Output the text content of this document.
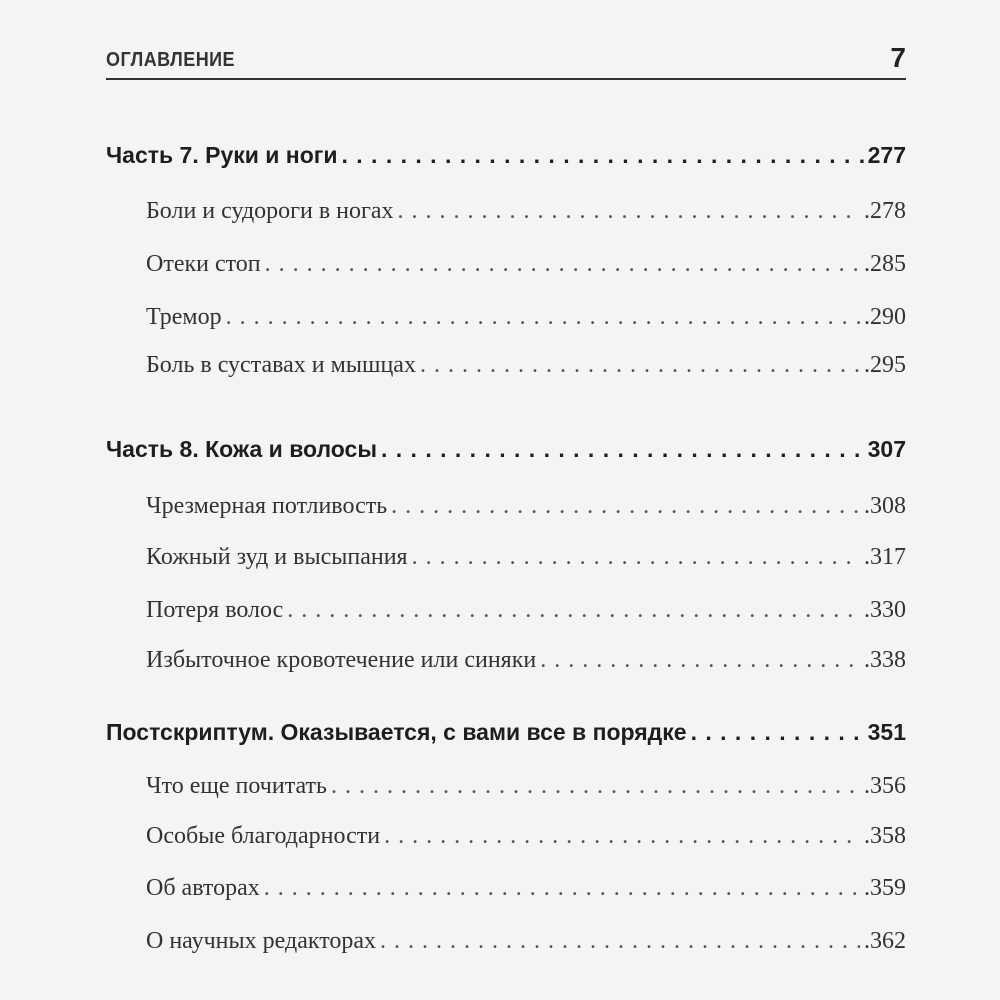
ОГЛАВЛЕНИЕ	7
Часть 7. Руки и ноги . . .	277
Боли и судороги в ногах . . .	.278
Отеки стоп . . .	.285
Тремор . . .	.290
Боль в суставах и мышцах . . .	.295
Часть 8. Кожа и волосы . . .	307
Чрезмерная потливость . . .	.308
Кожный зуд и высыпания . . .	.317
Потеря волос . . .	.330
Избыточное кровотечение или синяки . . .	.338
Постскриптум. Оказывается, с вами все в порядке . . .	351
Что еще почитать . . .	.356
Особые благодарности . . .	.358
Об авторах . . .	.359
О научных редакторах . . .	.362
